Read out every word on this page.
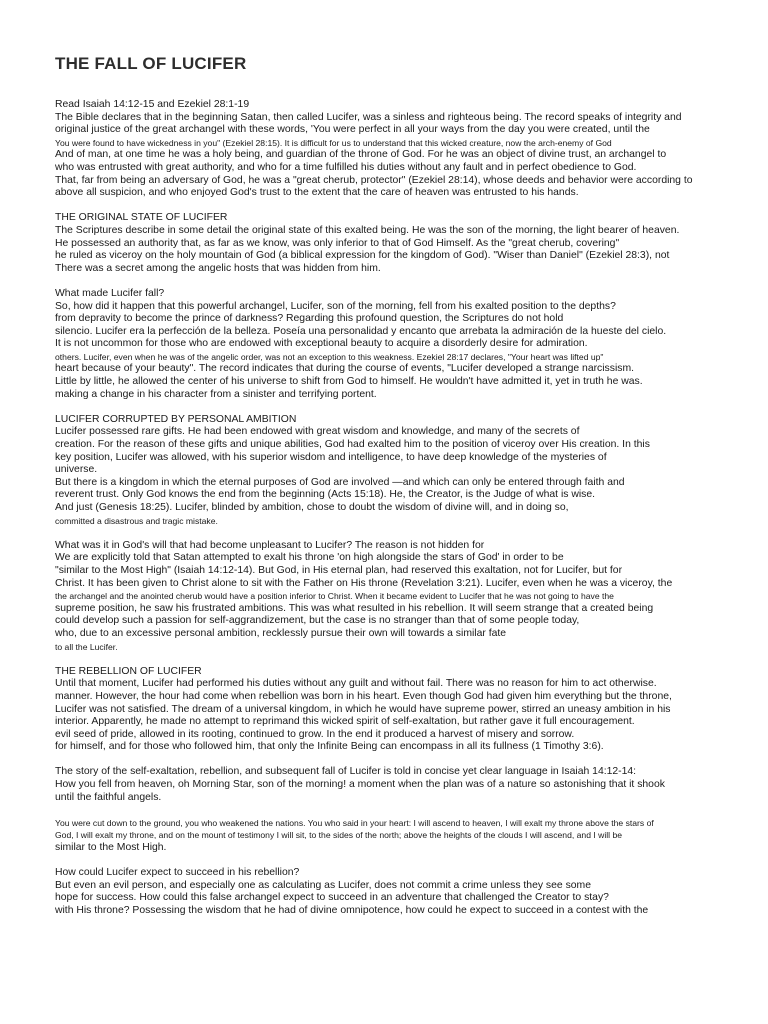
THE FALL OF LUCIFER
Read Isaiah 14:12-15 and Ezekiel 28:1-19
The Bible declares that in the beginning Satan, then called Lucifer, was a sinless and righteous being. The record speaks of integrity and
original justice of the great archangel with these words, 'You were perfect in all your ways from the day you were created, until the
You were found to have wickedness in you" (Ezekiel 28:15). It is difficult for us to understand that this wicked creature, now the arch-enemy of God
And of man, at one time he was a holy being, and guardian of the throne of God. For he was an object of divine trust, an archangel to
who was entrusted with great authority, and who for a time fulfilled his duties without any fault and in perfect obedience to God.
That, far from being an adversary of God, he was a "great cherub, protector" (Ezekiel 28:14), whose deeds and behavior were according to
above all suspicion, and who enjoyed God's trust to the extent that the care of heaven was entrusted to his hands.
THE ORIGINAL STATE OF LUCIFER
The Scriptures describe in some detail the original state of this exalted being. He was the son of the morning, the light bearer of heaven.
He possessed an authority that, as far as we know, was only inferior to that of God Himself. As the "great cherub, covering"
he ruled as viceroy on the holy mountain of God (a biblical expression for the kingdom of God). "Wiser than Daniel" (Ezekiel 28:3), not
There was a secret among the angelic hosts that was hidden from him.
What made Lucifer fall?
So, how did it happen that this powerful archangel, Lucifer, son of the morning, fell from his exalted position to the depths?
from depravity to become the prince of darkness? Regarding this profound question, the Scriptures do not hold
silencio. Lucifer era la perfección de la belleza. Poseía una personalidad y encanto que arrebata la admiración de la hueste del cielo.
It is not uncommon for those who are endowed with exceptional beauty to acquire a disorderly desire for admiration.
others. Lucifer, even when he was of the angelic order, was not an exception to this weakness. Ezekiel 28:17 declares, "Your heart was lifted up"
heart because of your beauty". The record indicates that during the course of events, "Lucifer developed a strange narcissism.
Little by little, he allowed the center of his universe to shift from God to himself. He wouldn't have admitted it, yet in truth he was.
making a change in his character from a sinister and terrifying portent.
LUCIFER CORRUPTED BY PERSONAL AMBITION
Lucifer possessed rare gifts. He had been endowed with great wisdom and knowledge, and many of the secrets of
creation. For the reason of these gifts and unique abilities, God had exalted him to the position of viceroy over His creation. In this
key position, Lucifer was allowed, with his superior wisdom and intelligence, to have deep knowledge of the mysteries of
universe.
But there is a kingdom in which the eternal purposes of God are involved —and which can only be entered through faith and
reverent trust. Only God knows the end from the beginning (Acts 15:18). He, the Creator, is the Judge of what is wise.
And just (Genesis 18:25). Lucifer, blinded by ambition, chose to doubt the wisdom of divine will, and in doing so,
committed a disastrous and tragic mistake.
What was it in God's will that had become unpleasant to Lucifer? The reason is not hidden for
We are explicitly told that Satan attempted to exalt his throne 'on high alongside the stars of God' in order to be
"similar to the Most High" (Isaiah 14:12-14). But God, in His eternal plan, had reserved this exaltation, not for Lucifer, but for
Christ. It has been given to Christ alone to sit with the Father on His throne (Revelation 3:21). Lucifer, even when he was a viceroy, the
the archangel and the anointed cherub would have a position inferior to Christ. When it became evident to Lucifer that he was not going to have the
supreme position, he saw his frustrated ambitions. This was what resulted in his rebellion. It will seem strange that a created being
could develop such a passion for self-aggrandizement, but the case is no stranger than that of some people today,
who, due to an excessive personal ambition, recklessly pursue their own will towards a similar fate
to all the Lucifer.
THE REBELLION OF LUCIFER
Until that moment, Lucifer had performed his duties without any guilt and without fail. There was no reason for him to act otherwise.
manner. However, the hour had come when rebellion was born in his heart. Even though God had given him everything but the throne,
Lucifer was not satisfied. The dream of a universal kingdom, in which he would have supreme power, stirred an uneasy ambition in his
interior. Apparently, he made no attempt to reprimand this wicked spirit of self-exaltation, but rather gave it full encouragement.
evil seed of pride, allowed in its rooting, continued to grow. In the end it produced a harvest of misery and sorrow.
for himself, and for those who followed him, that only the Infinite Being can encompass in all its fullness (1 Timothy 3:6).
The story of the self-exaltation, rebellion, and subsequent fall of Lucifer is told in concise yet clear language in Isaiah 14:12-14:
How you fell from heaven, oh Morning Star, son of the morning! a moment when the plan was of a nature so astonishing that it shook
until the faithful angels.
You were cut down to the ground, you who weakened the nations. You who said in your heart: I will ascend to heaven, I will exalt my throne above the stars of
God, I will exalt my throne, and on the mount of testimony I will sit, to the sides of the north; above the heights of the clouds I will ascend, and I will be
similar to the Most High.
How could Lucifer expect to succeed in his rebellion?
But even an evil person, and especially one as calculating as Lucifer, does not commit a crime unless they see some
hope for success. How could this false archangel expect to succeed in an adventure that challenged the Creator to stay?
with His throne? Possessing the wisdom that he had of divine omnipotence, how could he expect to succeed in a contest with the
